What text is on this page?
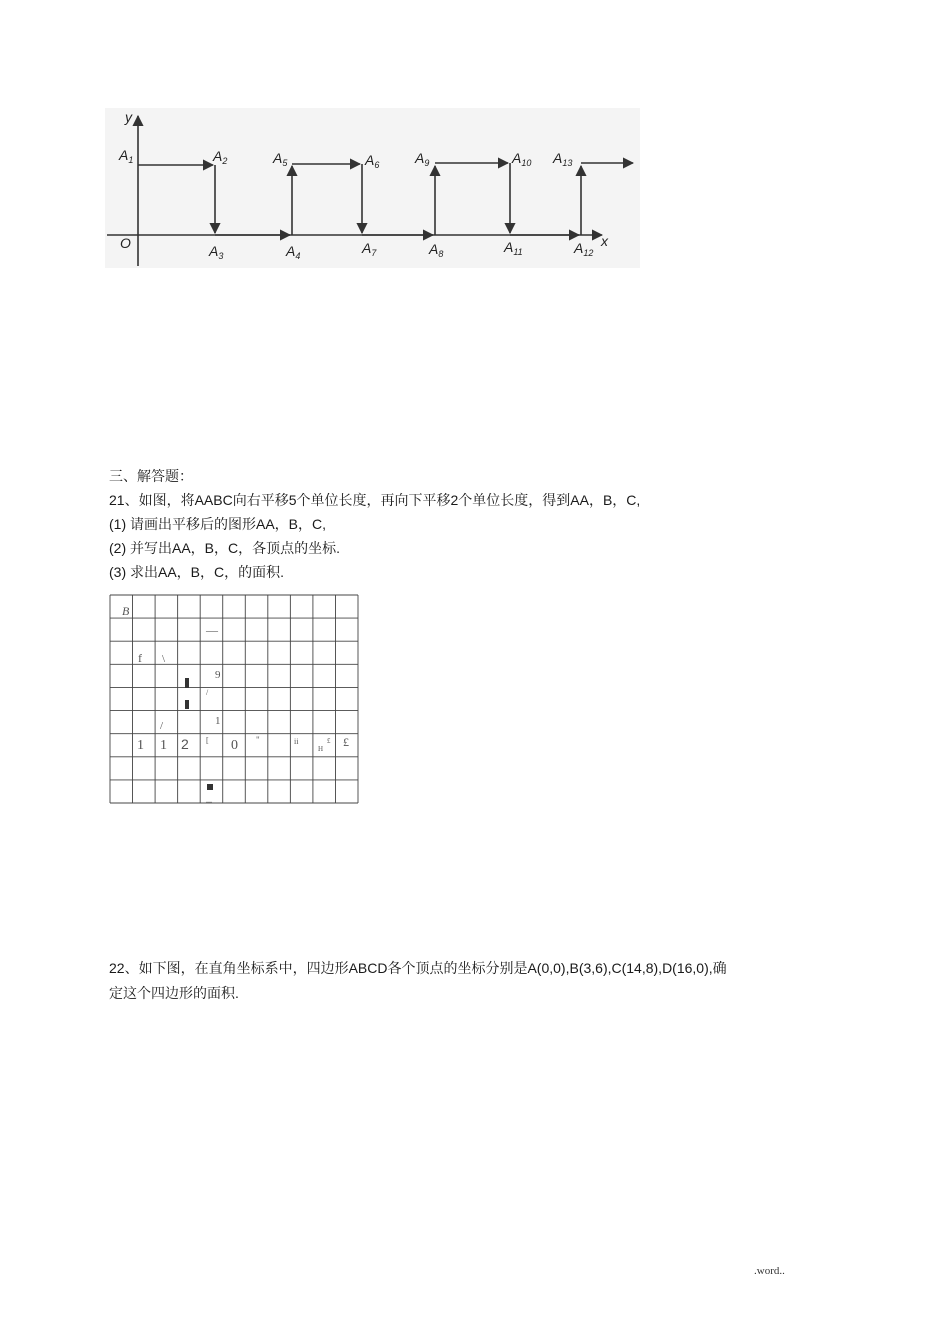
y
x
O
$A_1$	$A_2$
$A_3$	$A_4$
$A_5$	$A_6$
$A_7$	$A_8$
$A_9$	$A_{10}$
$A_{11}$	$A_{12}$
$A_{13}$
三、解答题：
21、如图，将AABC向右平移5个单位长度，再向下平移2个单位长度，得到AA，B，C,
(1) 请画出平移后的图形AA，B，C,
(2) 并写出AA，B，C，各顶点的坐标.
(3) 求出AA，B，C，的面积.
B
—
f \
9
/
1
/
1 1 2 [ 0 "	ii	£
H £
...
22、如下图，在直角坐标系中，四边形ABCD各个顶点的坐标分别是A(0,0),B(3,6),C(14,8),D(16,0),确
定这个四边形的面积.
.word..
